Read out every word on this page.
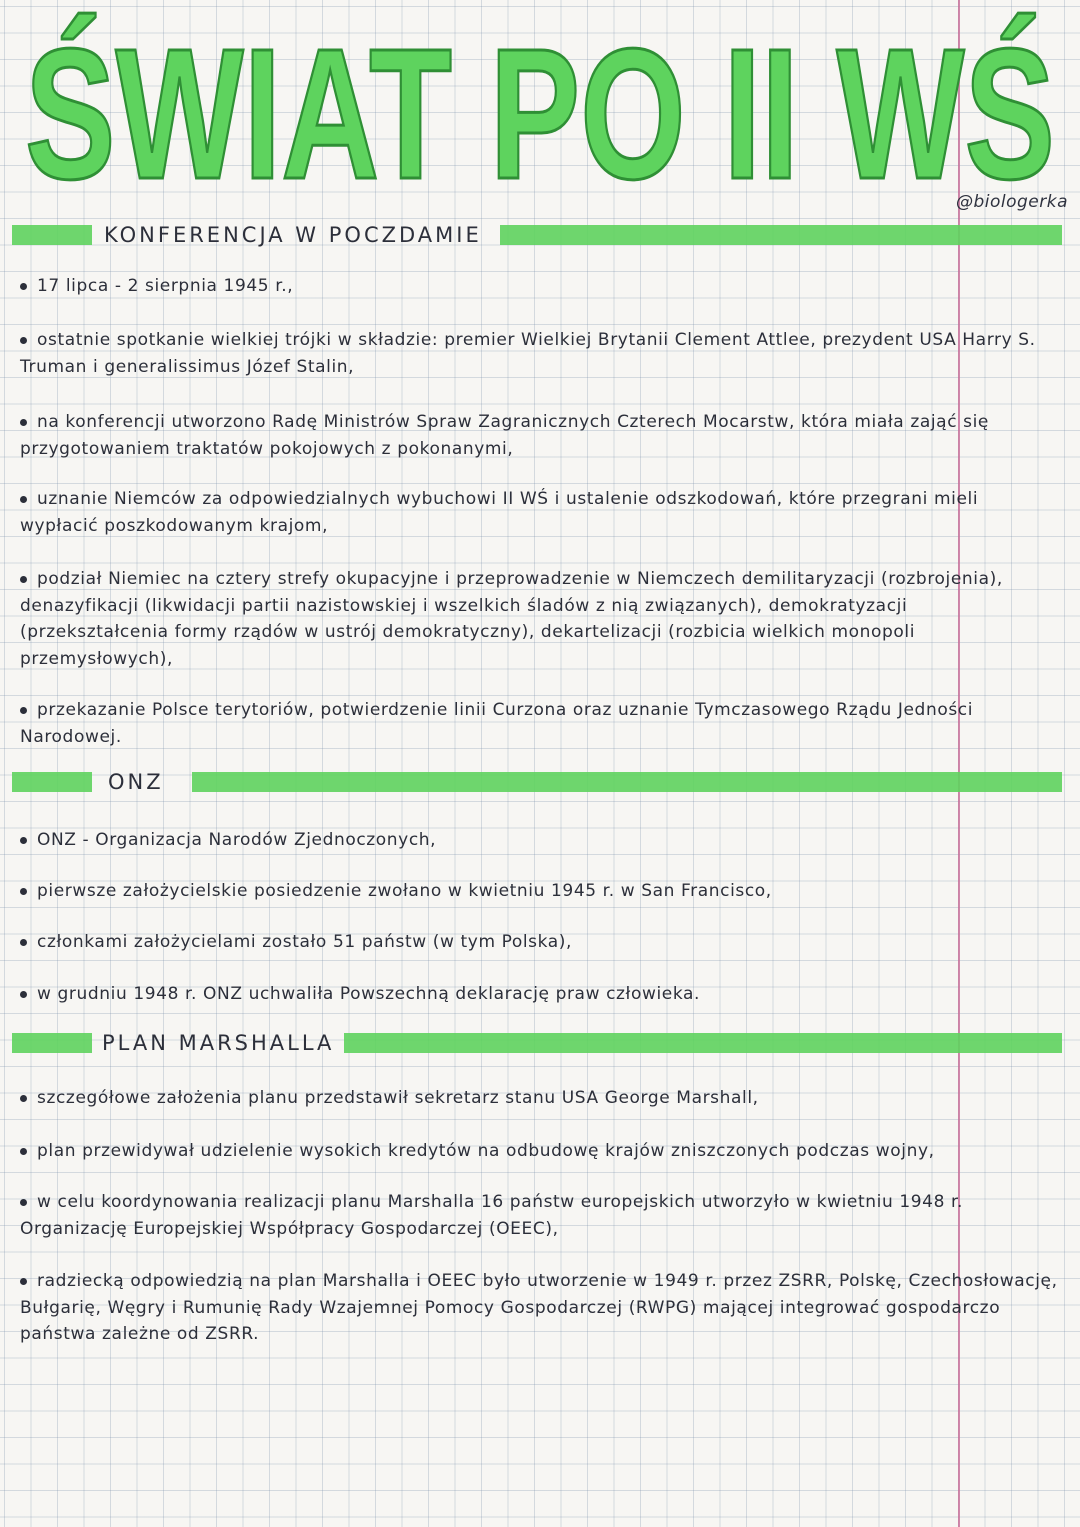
ŚWIAT PO II WŚ
@biologerka
KONFERENCJA W POCZDAMIE
17 lipca - 2 sierpnia 1945 r.,
ostatnie spotkanie wielkiej trójki w składzie: premier Wielkiej Brytanii Clement Attlee, prezydent USA Harry S. Truman i generalissimus Józef Stalin,
na konferencji utworzono Radę Ministrów Spraw Zagranicznych Czterech Mocarstw, która miała zająć się przygotowaniem traktatów pokojowych z pokonanymi,
uznanie Niemców za odpowiedzialnych wybuchowi II WŚ i ustalenie odszkodowań, które przegrani mieli wypłacić poszkodowanym krajom,
podział Niemiec na cztery strefy okupacyjne i przeprowadzenie w Niemczech demilitaryzacji (rozbrojenia), denazyfikacji (likwidacji partii nazistowskiej i wszelkich śladów z nią związanych), demokratyzacji (przekształcenia formy rządów w ustrój demokratyczny), dekartelizacji (rozbicia wielkich monopoli przemysłowych),
przekazanie Polsce terytoriów, potwierdzenie linii Curzona oraz uznanie Tymczasowego Rządu Jedności Narodowej.
ONZ
ONZ - Organizacja Narodów Zjednoczonych,
pierwsze założycielskie posiedzenie zwołano w kwietniu 1945 r. w San Francisco,
członkami założycielami zostało 51 państw (w tym Polska),
w grudniu 1948 r. ONZ uchwaliła Powszechną deklarację praw człowieka.
PLAN MARSHALLA
szczegółowe założenia planu przedstawił sekretarz stanu USA George Marshall,
plan przewidywał udzielenie wysokich kredytów na odbudowę krajów zniszczonych podczas wojny,
w celu koordynowania realizacji planu Marshalla 16 państw europejskich utworzyło w kwietniu 1948 r. Organizację Europejskiej Współpracy Gospodarczej (OEEC),
radziecką odpowiedzią na plan Marshalla i OEEC było utworzenie w 1949 r. przez ZSRR, Polskę, Czechosłowację, Bułgarię, Węgry i Rumunię Rady Wzajemnej Pomocy Gospodarczej (RWPG) mającej integrować gospodarczo państwa zależne od ZSRR.
